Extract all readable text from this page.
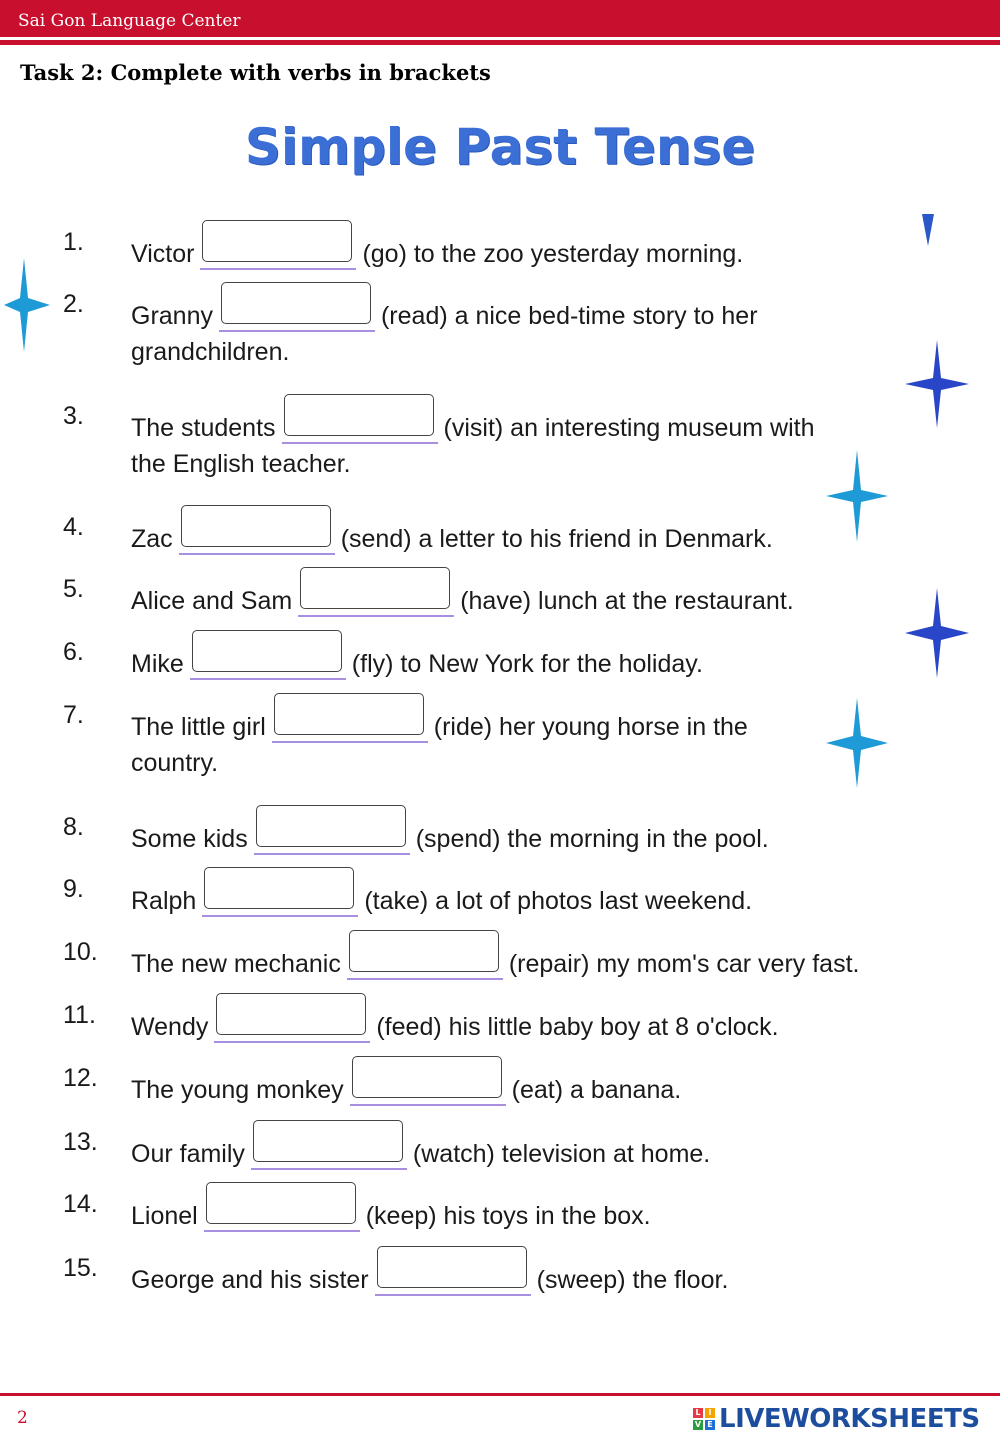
Sai Gon Language Center
Task 2: Complete with verbs in brackets
Simple Past Tense
1.	Victor	(go) to the zoo yesterday morning.
2.	Granny	(read) a nice bed-time story to her
grandchildren.
3.	The students	(visit) an interesting museum with
the English teacher.
4.	Zac	(send) a letter to his friend in Denmark.
5.	Alice and Sam	(have) lunch at the restaurant.
6.	Mike	(fly) to New York for the holiday.
7.	The little girl	(ride) her young horse in the
country.
8.	Some kids	(spend) the morning in the pool.
9.	Ralph	(take) a lot of photos last weekend.
10.	The new mechanic	(repair) my mom's car very fast.
11.	Wendy	(feed) his little baby boy at 8 o'clock.
12.	The young monkey	(eat) a banana.
13.	Our family	(watch) television at home.
14.	Lionel	(keep) his toys in the box.
15.	George and his sister	(sweep) the floor.
2	L I
V E LIVEWORKSHEETS
